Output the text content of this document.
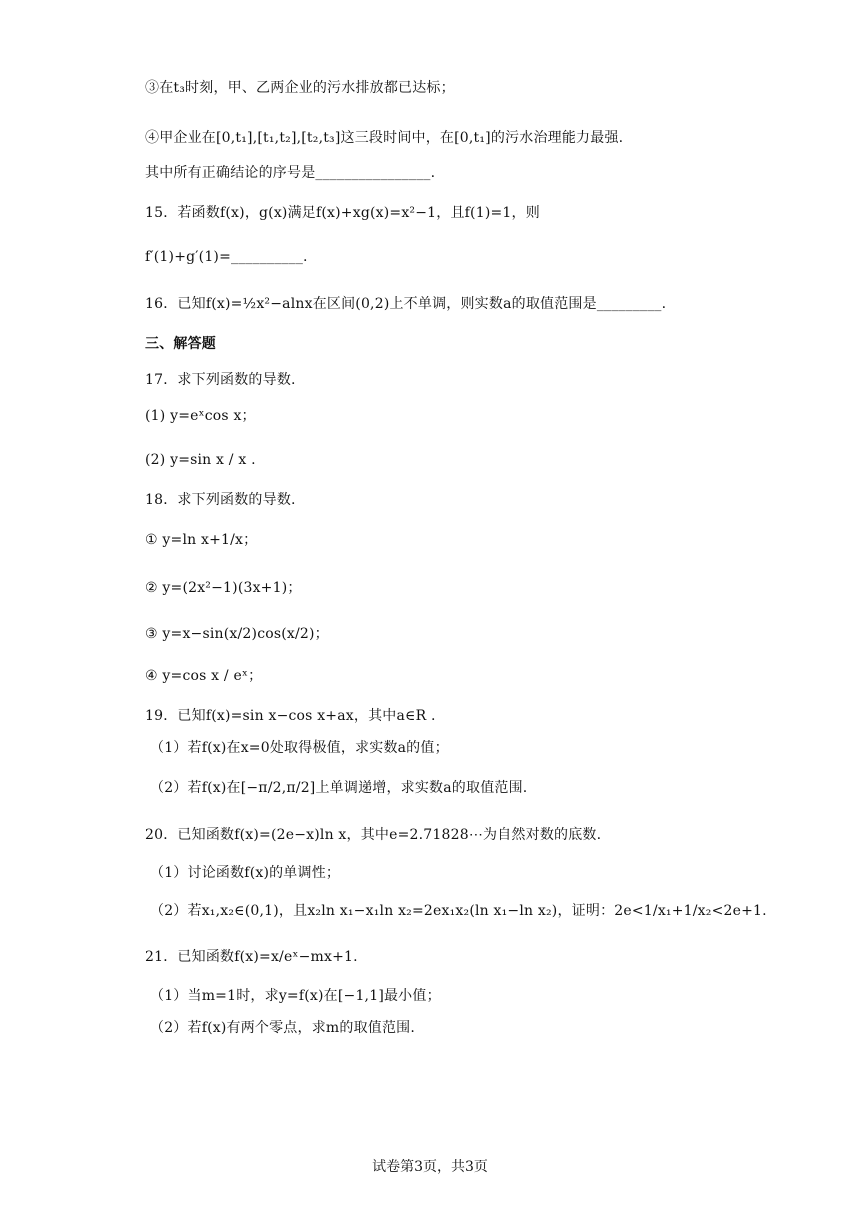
③在t₃时刻，甲、乙两企业的污水排放都已达标；
④甲企业在[0,t₁],[t₁,t₂],[t₂,t₃]这三段时间中，在[0,t₁]的污水治理能力最强.
其中所有正确结论的序号是________________.
15．若函数f(x)，g(x)满足f(x)+xg(x)=x²−1，且f(1)=1，则
f′(1)+g′(1)=__________.
16．已知f(x)=½x²−alnx在区间(0,2)上不单调，则实数a的取值范围是_________.
三、解答题
17．求下列函数的导数.
(1) y=eˣcos x；
(2) y=sin x / x .
18．求下列函数的导数.
① y=ln x+1/x；
② y=(2x²−1)(3x+1)；
③ y=x−sin(x/2)cos(x/2)；
④ y=cos x / eˣ；
19．已知f(x)=sin x−cos x+ax，其中a∈R .
（1）若f(x)在x=0处取得极值，求实数a的值；
（2）若f(x)在[−π/2,π/2]上单调递增，求实数a的取值范围.
20．已知函数f(x)=(2e−x)ln x，其中e=2.71828⋯为自然对数的底数.
（1）讨论函数f(x)的单调性；
（2）若x₁,x₂∈(0,1)，且x₂ln x₁−x₁ln x₂=2ex₁x₂(ln x₁−ln x₂)，证明：2e<1/x₁+1/x₂<2e+1.
21．已知函数f(x)=x/eˣ−mx+1.
（1）当m=1时，求y=f(x)在[−1,1]最小值；
（2）若f(x)有两个零点，求m的取值范围.
试卷第3页，共3页
